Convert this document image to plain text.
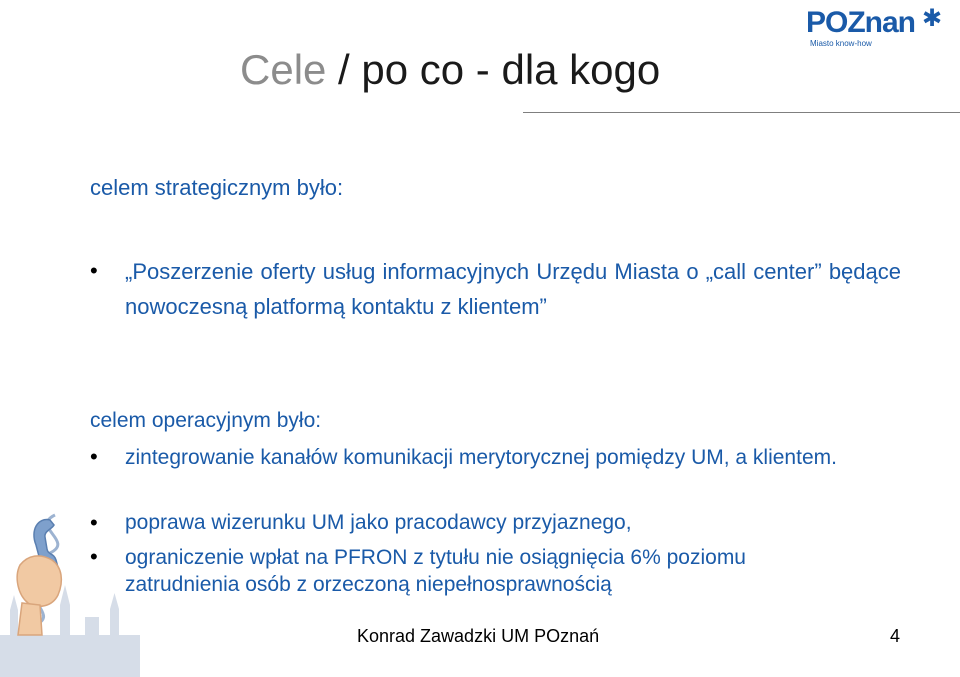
Cele / po co - dla kogo
POZnan ✱
Miasto know-how
celem strategicznym było:
• „Poszerzenie oferty usług informacyjnych Urzędu Miasta o „call center” będące nowoczesną platformą kontaktu z klientem”
celem operacyjnym było:
• zintegrowanie kanałów komunikacji merytorycznej pomiędzy UM, a klientem.
• poprawa wizerunku UM jako pracodawcy przyjaznego,
• ograniczenie wpłat na PFRON z tytułu nie osiągnięcia 6% poziomu zatrudnienia osób z orzeczoną niepełnosprawnością
Konrad Zawadzki UM POznań	4
